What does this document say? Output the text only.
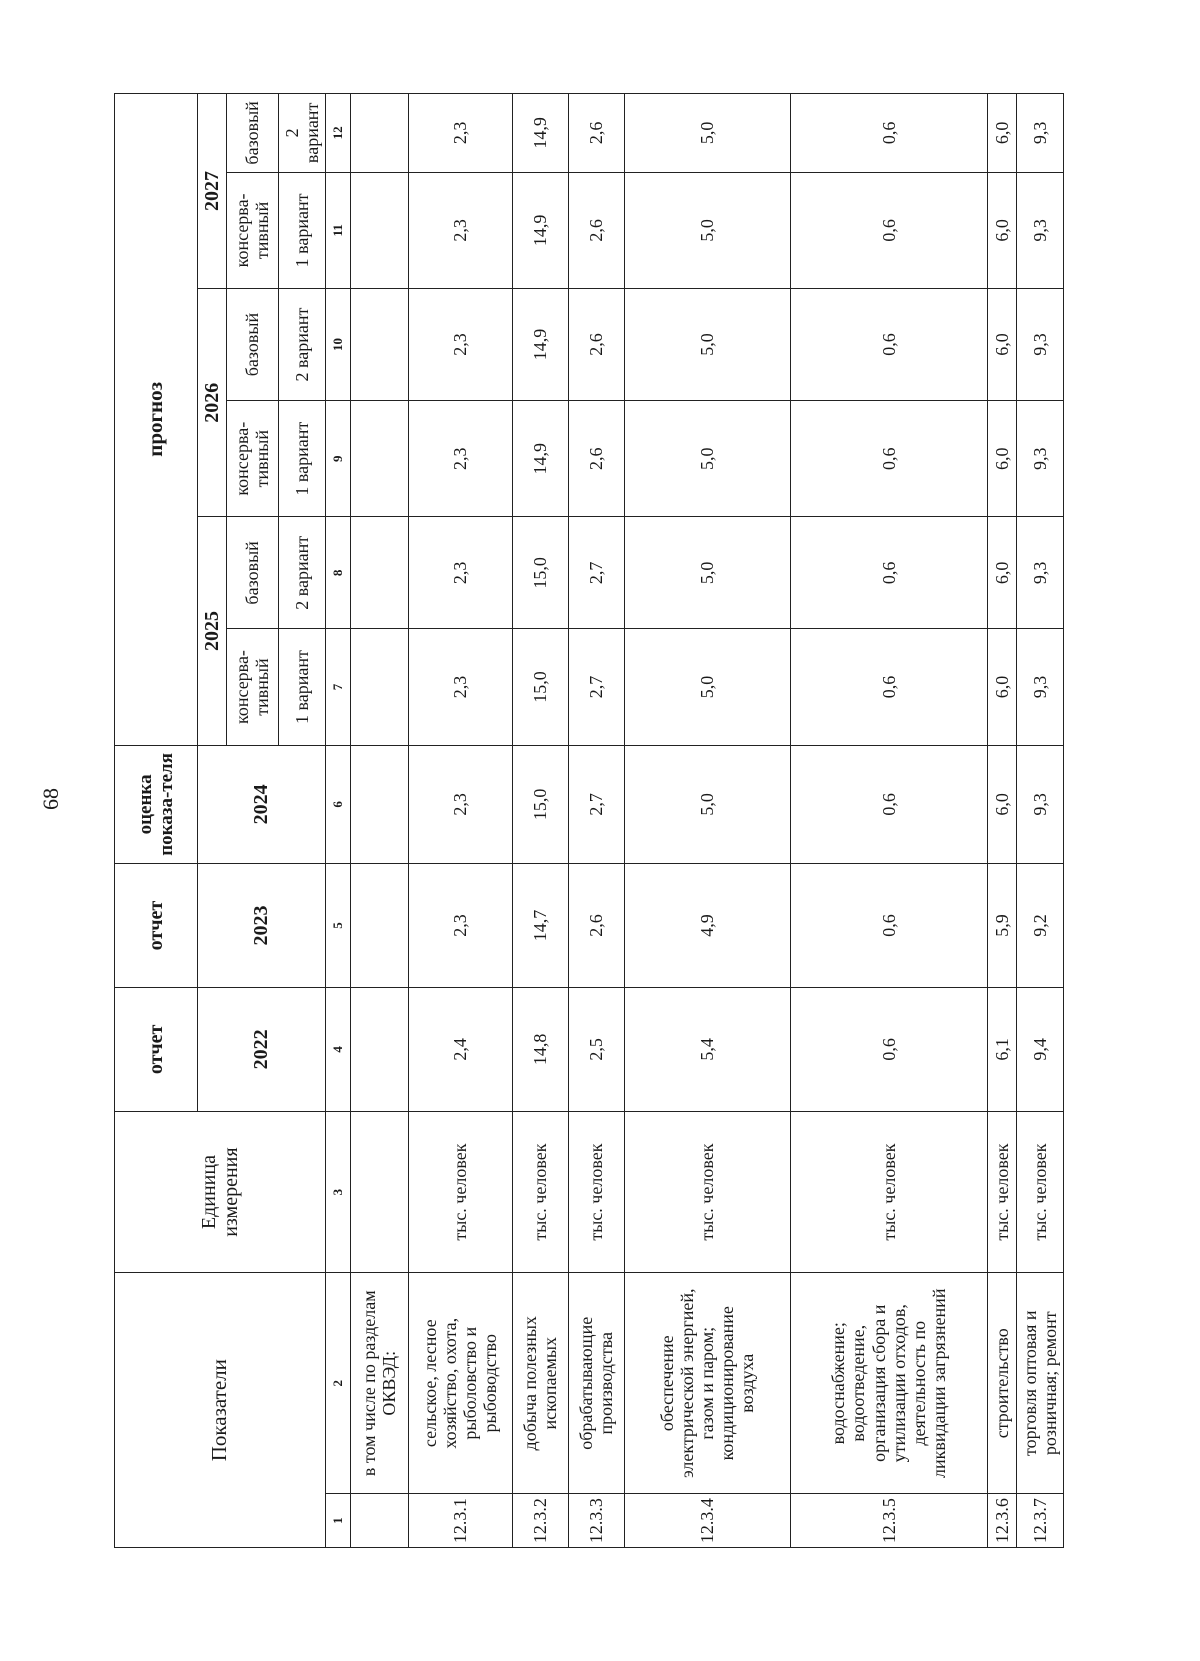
68
Показатели		Единица измерения	отчет	отчет	оценка показа-теля	прогноз					
			2022	2023	2024	2025		2026		2027	
						консерва-тивный	базовый	консерва-тивный	базовый	консерва-тивный	базовый
						1 вариант	2 вариант	1 вариант	2 вариант	1 вариант	2 вариант
1	2	3	4	5	6	7	8	9	10	11	12
	в том числе по разделам ОКВЭД:										
12.3.1	сельское, лесное хозяйство, охота, рыболовство и рыбоводство	тыс. человек	2,4	2,3	2,3	2,3	2,3	2,3	2,3	2,3	2,3
12.3.2	добыча полезных ископаемых	тыс. человек	14,8	14,7	15,0	15,0	15,0	14,9	14,9	14,9	14,9
12.3.3	обрабатывающие производства	тыс. человек	2,5	2,6	2,7	2,7	2,7	2,6	2,6	2,6	2,6
12.3.4	обеспечение электрической энергией, газом и паром; кондиционирование воздуха	тыс. человек	5,4	4,9	5,0	5,0	5,0	5,0	5,0	5,0	5,0
12.3.5	водоснабжение; водоотведение, организация сбора и утилизации отходов, деятельность по ликвидации загрязнений	тыс. человек	0,6	0,6	0,6	0,6	0,6	0,6	0,6	0,6	0,6
12.3.6	строительство	тыс. человек	6,1	5,9	6,0	6,0	6,0	6,0	6,0	6,0	6,0
12.3.7	торговля оптовая и розничная; ремонт	тыс. человек	9,4	9,2	9,3	9,3	9,3	9,3	9,3	9,3	9,3
